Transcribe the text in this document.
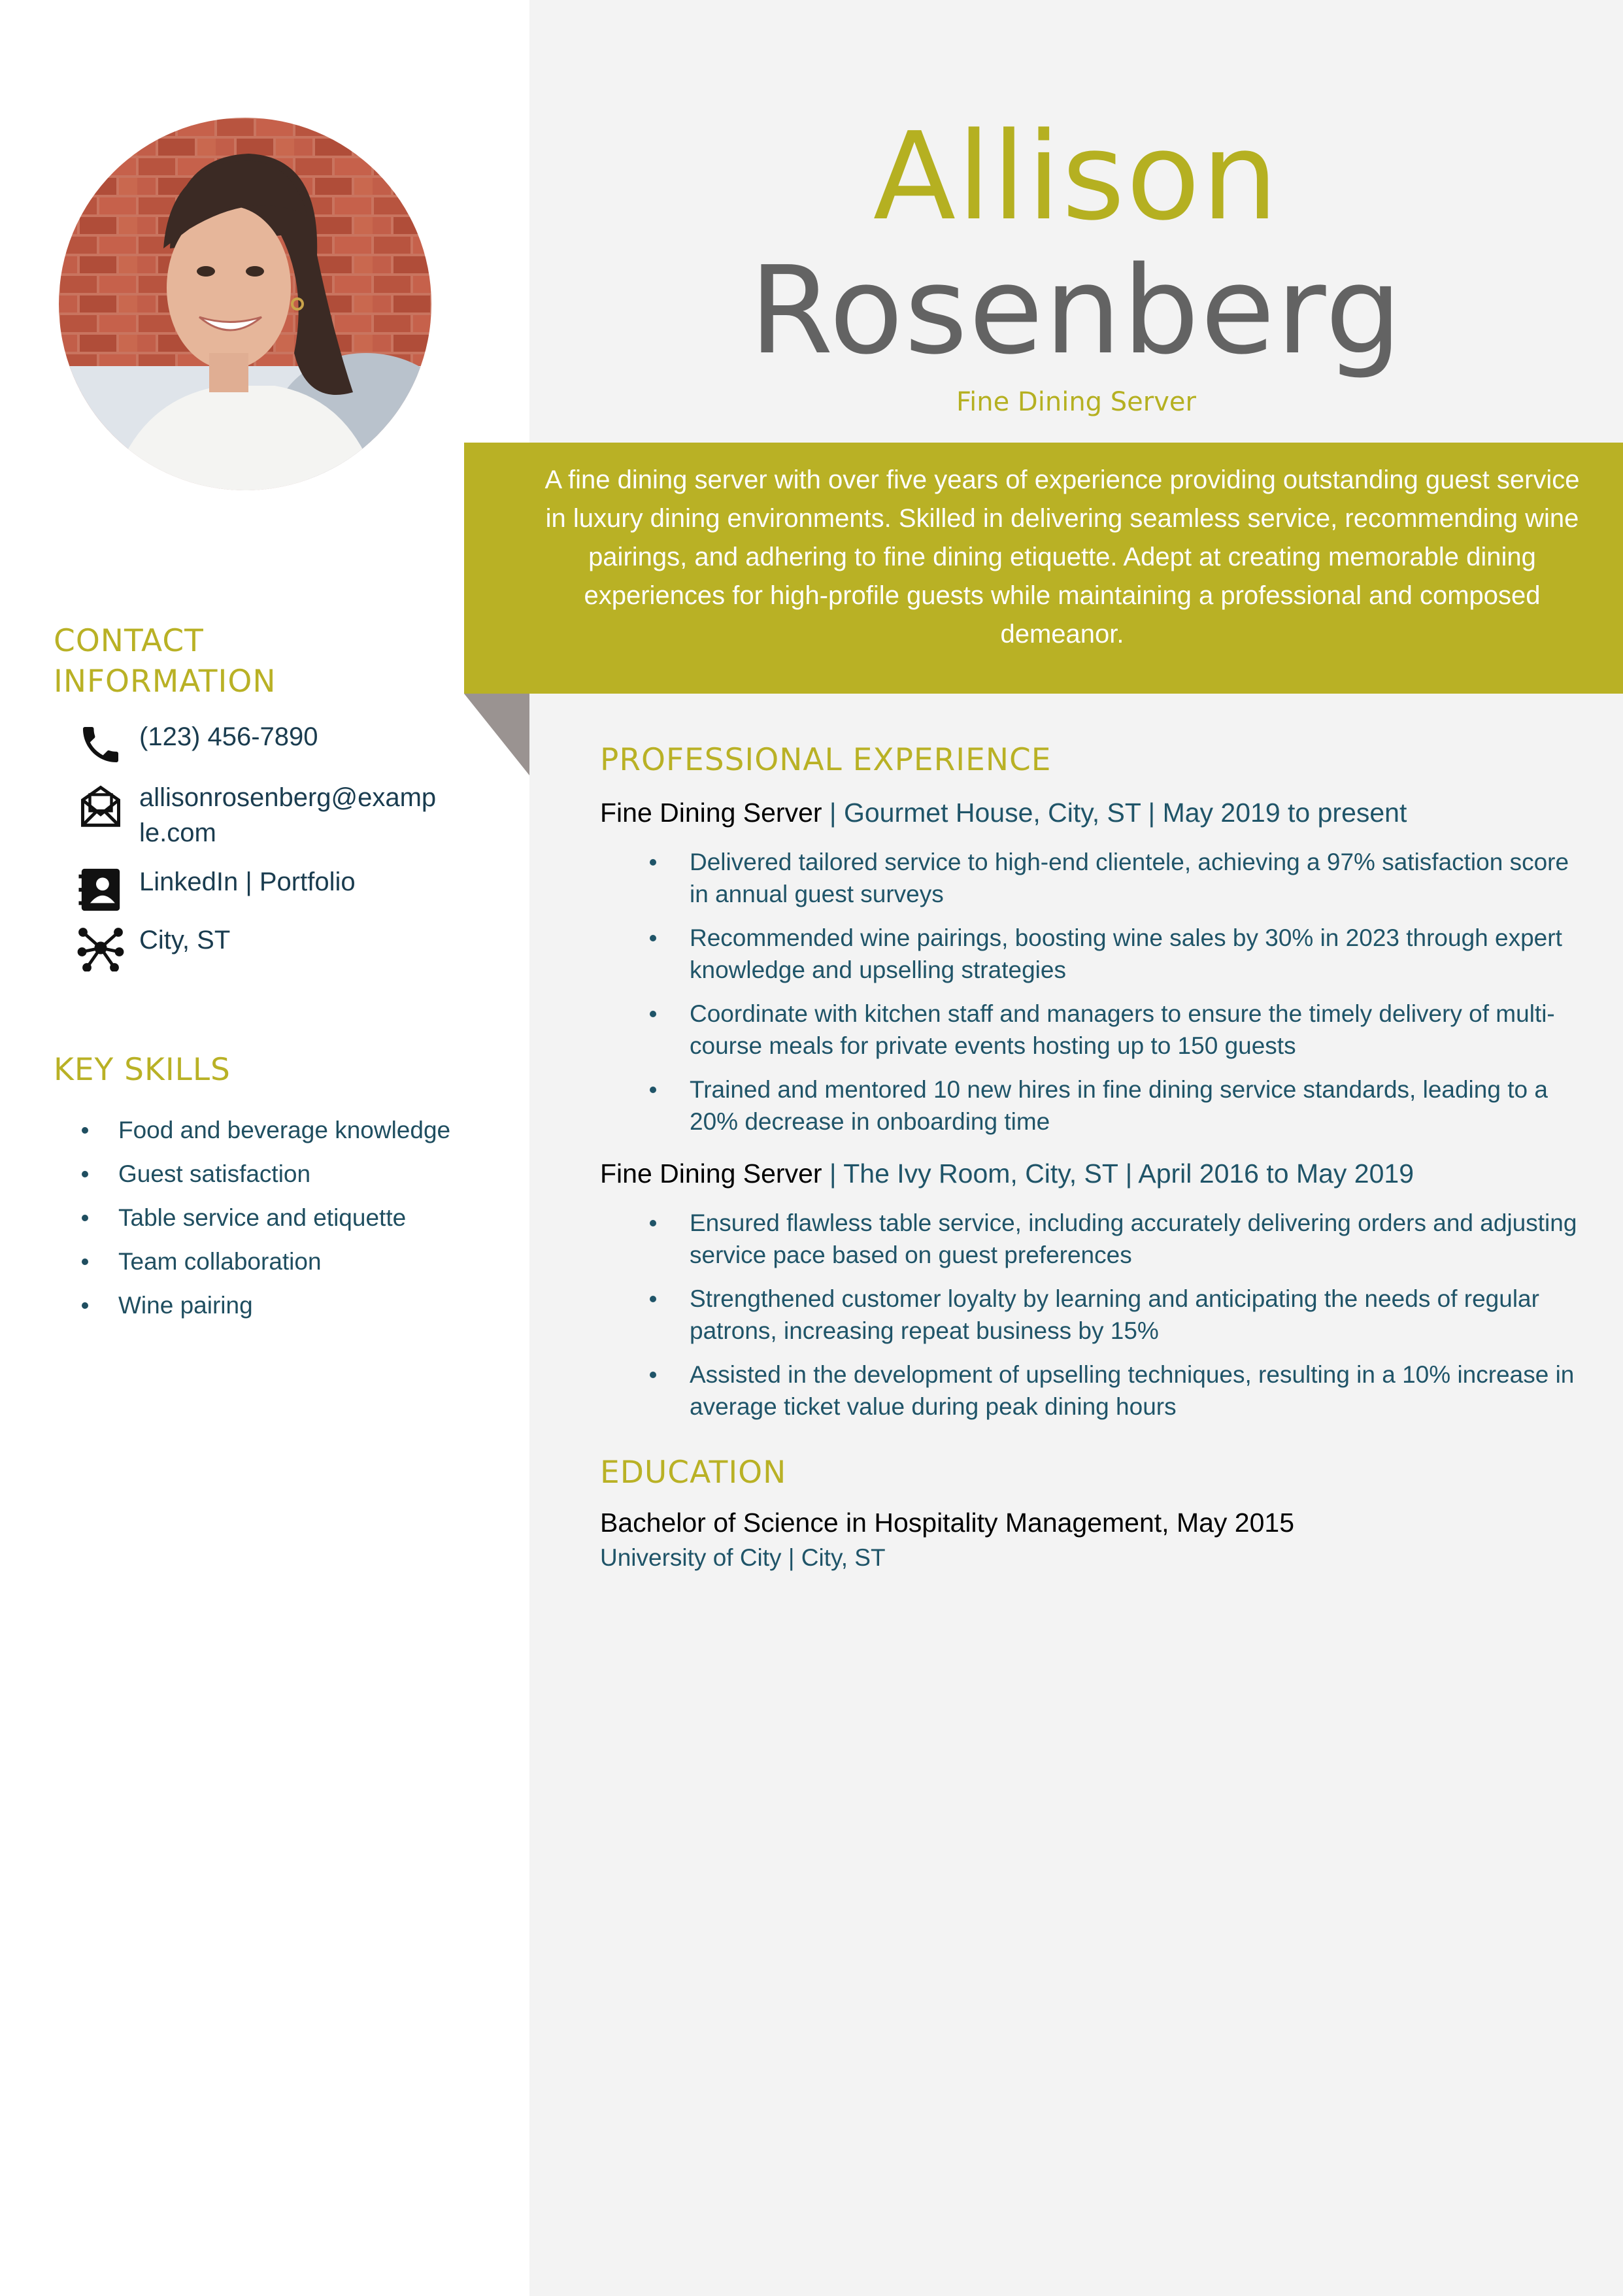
Allison
Rosenberg
Fine Dining Server
A fine dining server with over five years of experience providing outstanding guest service in luxury dining environments. Skilled in delivering seamless service, recommending wine pairings, and adhering to fine dining etiquette. Adept at creating memorable dining experiences for high-profile guests while maintaining a professional and composed demeanor.
CONTACT
INFORMATION
(123) 456-7890
allisonrosenberg@example.com
LinkedIn | Portfolio
City, ST
KEY SKILLS
Food and beverage knowledge
Guest satisfaction
Table service and etiquette
Team collaboration
Wine pairing
PROFESSIONAL EXPERIENCE
Fine Dining Server | Gourmet House, City, ST | May 2019 to present
Delivered tailored service to high-end clientele, achieving a 97% satisfaction score in annual guest surveys
Recommended wine pairings, boosting wine sales by 30% in 2023 through expert knowledge and upselling strategies
Coordinate with kitchen staff and managers to ensure the timely delivery of multi-course meals for private events hosting up to 150 guests
Trained and mentored 10 new hires in fine dining service standards, leading to a 20% decrease in onboarding time
Fine Dining Server | The Ivy Room, City, ST | April 2016 to May 2019
Ensured flawless table service, including accurately delivering orders and adjusting service pace based on guest preferences
Strengthened customer loyalty by learning and anticipating the needs of regular patrons, increasing repeat business by 15%
Assisted in the development of upselling techniques, resulting in a 10% increase in average ticket value during peak dining hours
EDUCATION
Bachelor of Science in Hospitality Management, May 2015
University of City | City, ST
